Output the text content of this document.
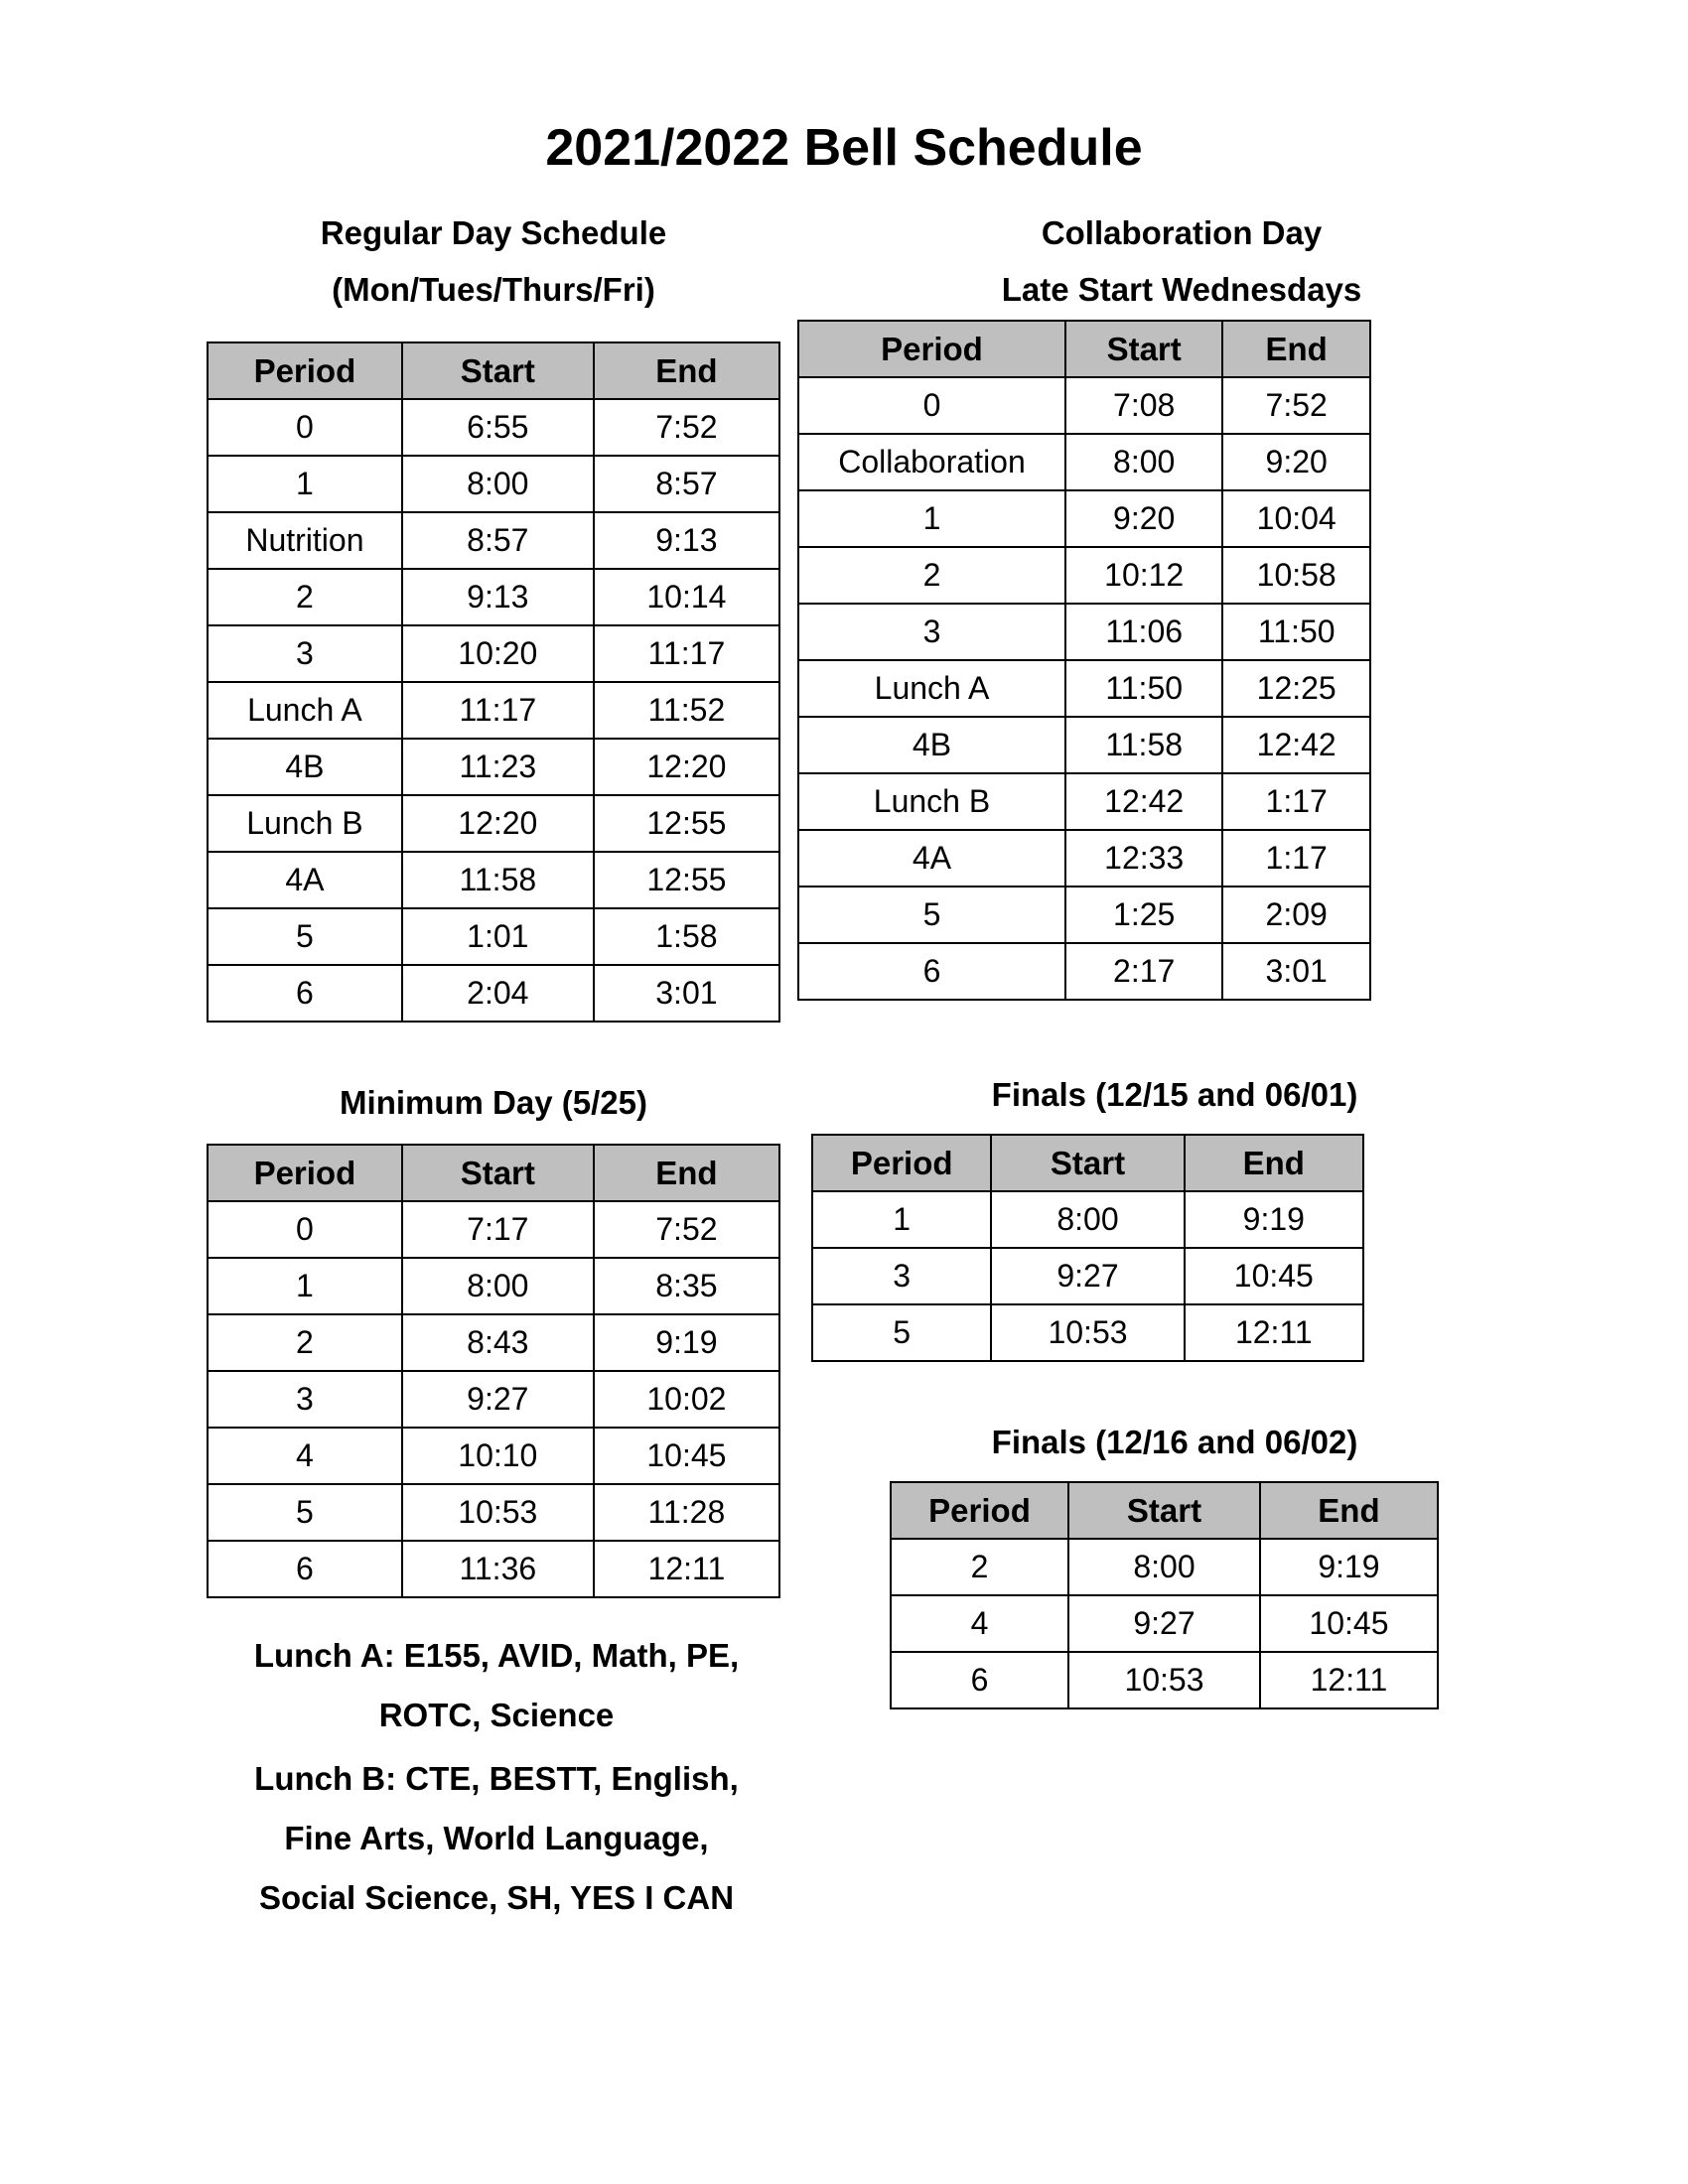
2021/2022 Bell Schedule
Regular Day Schedule
(Mon/Tues/Thurs/Fri)
Period	Start	End
0	6:55	7:52
1	8:00	8:57
Nutrition	8:57	9:13
2	9:13	10:14
3	10:20	11:17
Lunch A	11:17	11:52
4B	11:23	12:20
Lunch B	12:20	12:55
4A	11:58	12:55
5	1:01	1:58
6	2:04	3:01
Collaboration Day
Late Start Wednesdays
Period	Start	End
0	7:08	7:52
Collaboration	8:00	9:20
1	9:20	10:04
2	10:12	10:58
3	11:06	11:50
Lunch A	11:50	12:25
4B	11:58	12:42
Lunch B	12:42	1:17
4A	12:33	1:17
5	1:25	2:09
6	2:17	3:01
Minimum Day (5/25)
Period	Start	End
0	7:17	7:52
1	8:00	8:35
2	8:43	9:19
3	9:27	10:02
4	10:10	10:45
5	10:53	11:28
6	11:36	12:11
Finals (12/15 and 06/01)
Period	Start	End
1	8:00	9:19
3	9:27	10:45
5	10:53	12:11
Finals (12/16 and 06/02)
Period	Start	End
2	8:00	9:19
4	9:27	10:45
6	10:53	12:11
Lunch A: E155, AVID, Math, PE,
ROTC, Science
Lunch B: CTE, BESTT, English,
Fine Arts, World Language,
Social Science, SH, YES I CAN
